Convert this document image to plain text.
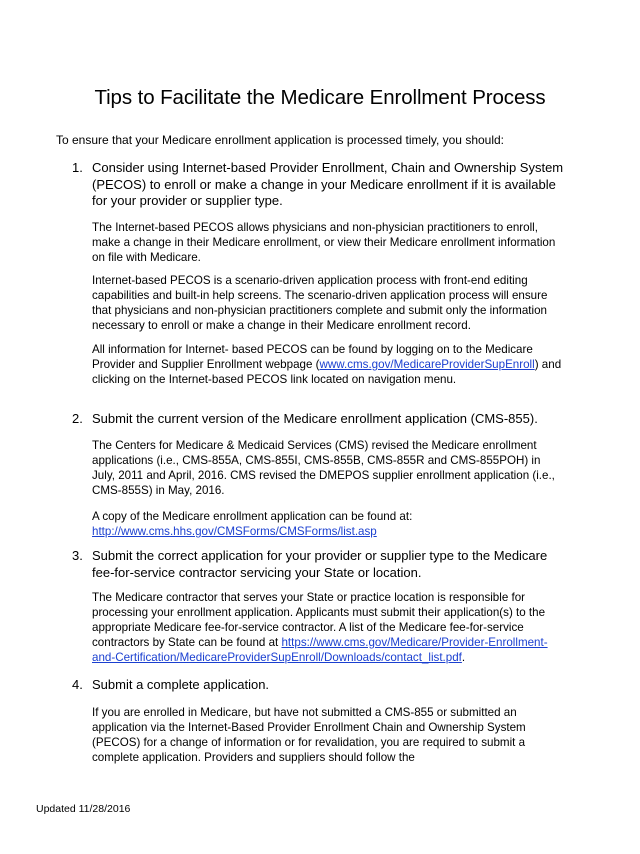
Tips to Facilitate the Medicare Enrollment Process
To ensure that your Medicare enrollment application is processed timely, you should:
1. Consider using Internet-based Provider Enrollment, Chain and Ownership System (PECOS) to enroll or make a change in your Medicare enrollment if it is available for your provider or supplier type.

The Internet-based PECOS allows physicians and non-physician practitioners to enroll, make a change in their Medicare enrollment, or view their Medicare enrollment information on file with Medicare.

Internet-based PECOS is a scenario-driven application process with front-end editing capabilities and built-in help screens. The scenario-driven application process will ensure that physicians and non-physician practitioners complete and submit only the information necessary to enroll or make a change in their Medicare enrollment record.

All information for Internet- based PECOS can be found by logging on to the Medicare Provider and Supplier Enrollment webpage (www.cms.gov/MedicareProviderSupEnroll) and clicking on the Internet-based PECOS link located on navigation menu.

2. Submit the current version of the Medicare enrollment application (CMS-855).

The Centers for Medicare & Medicaid Services (CMS) revised the Medicare enrollment applications (i.e., CMS-855A, CMS-855I, CMS-855B, CMS-855R and CMS-855POH) in July, 2011 and April, 2016. CMS revised the DMEPOS supplier enrollment application (i.e., CMS-855S) in May, 2016.

A copy of the Medicare enrollment application can be found at: http://www.cms.hhs.gov/CMSForms/CMSForms/list.asp

3. Submit the correct application for your provider or supplier type to the Medicare fee-for-service contractor servicing your State or location.

The Medicare contractor that serves your State or practice location is responsible for processing your enrollment application. Applicants must submit their application(s) to the appropriate Medicare fee-for-service contractor. A list of the Medicare fee-for-service contractors by State can be found at https://www.cms.gov/Medicare/Provider-Enrollment-and-Certification/MedicareProviderSupEnroll/Downloads/contact_list.pdf.

4. Submit a complete application.

If you are enrolled in Medicare, but have not submitted a CMS-855 or submitted an application via the Internet-Based Provider Enrollment Chain and Ownership System (PECOS) for a change of information or for revalidation, you are required to submit a complete application. Providers and suppliers should follow the

Updated 11/28/2016
